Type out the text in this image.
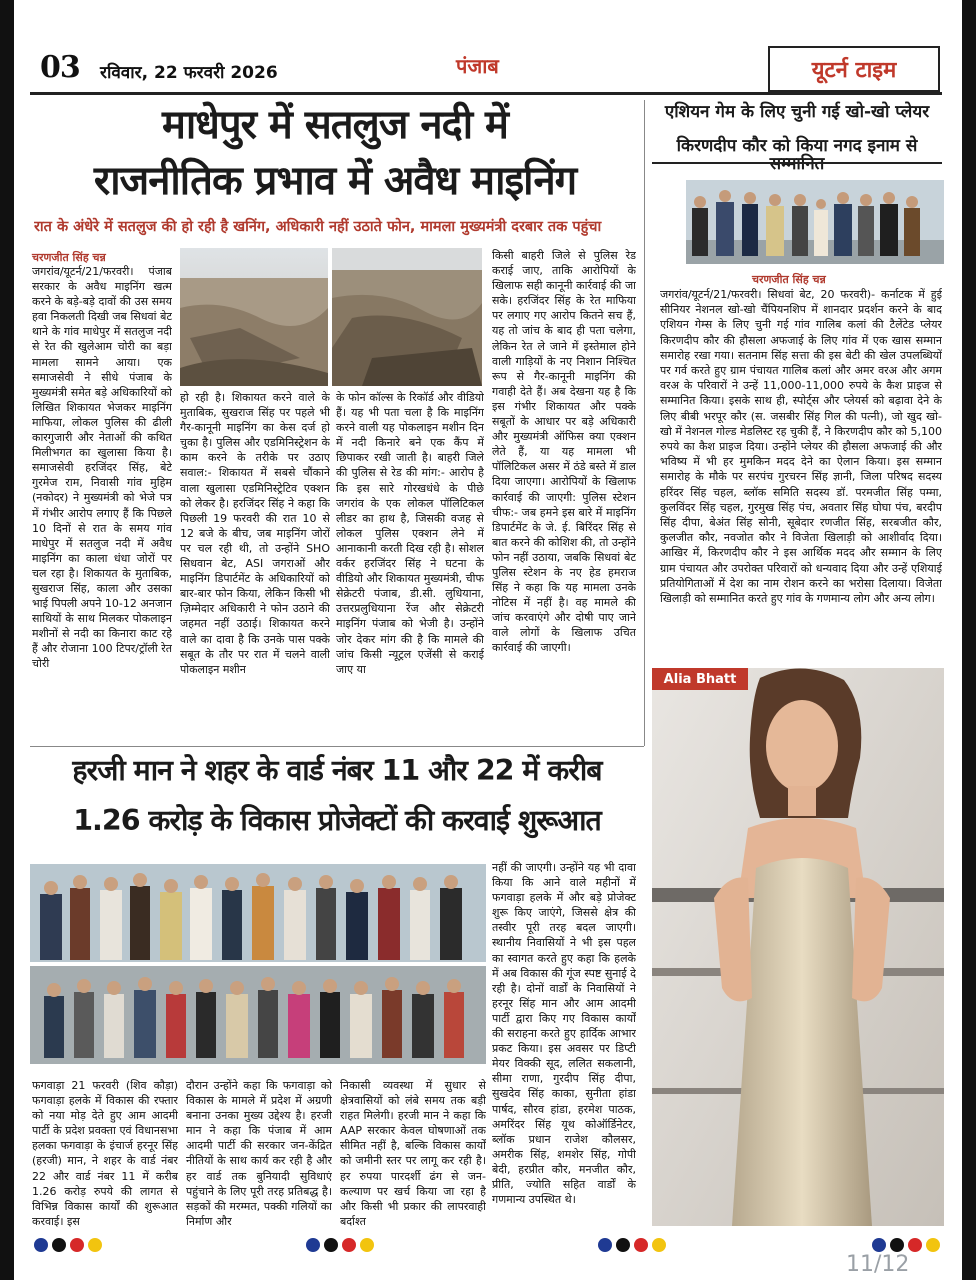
03 रविवार, 22 फरवरी 2026	पंजाब	यूटर्न टाइम
माधेपुर में सतलुज नदी में
राजनीतिक प्रभाव में अवैध माइनिंग
रात के अंधेरे में सतलुज की हो रही है खनिंग, अधिकारी नहीं उठाते फोन, मामला मुख्यमंत्री दरबार तक पहुंचा
चरणजीत सिंह चन्न

जगरांव/यूटर्न/21/फरवरी। पंजाब सरकार के अवैध माइनिंग खत्म करने के बड़े-बड़े दावों की उस समय हवा निकलती दिखी जब सिधवां बेट थाने के गांव माधेपुर में सतलुज नदी से रेत की खुलेआम चोरी का बड़ा मामला सामने आया। एक समाजसेवी ने सीधे पंजाब के मुख्यमंत्री समेत बड़े अधिकारियों को लिखित शिकायत भेजकर माइनिंग माफिया, लोकल पुलिस की ढीली कारगुजारी और नेताओं की कथित मिलीभगत का खुलासा किया है। समाजसेवी हरजिंदर सिंह, बेटे गुरमेज राम, निवासी गांव मुहिम (नकोदर) ने मुख्यमंत्री को भेजे पत्र में गंभीर आरोप लगाए हैं कि पिछले 10 दिनों से रात के समय गांव माधेपुर में सतलुज नदी में अवैध माइनिंग का काला धंधा जोरों पर चल रहा है। शिकायत के मुताबिक, सुखराज सिंह, काला और उसका भाई पिपली अपने 10-12 अनजान साथियों के साथ मिलकर पोकलाइन मशीनों से नदी का किनारा काट रहे हैं और रोजाना 100 टिपर/ट्रॉली रेत चोरी

हो रही है। शिकायत करने वाले के मुताबिक, सुखराज सिंह पर पहले भी गैर-कानूनी माइनिंग का केस दर्ज हो चुका है। पुलिस और एडमिनिस्ट्रेशन के काम करने के तरीके पर उठाए सवाल:- शिकायत में सबसे चौंकाने वाला खुलासा एडमिनिस्ट्रेटिव एक्शन को लेकर है। हरजिंदर सिंह ने कहा कि पिछली 19 फरवरी की रात 10 से 12 बजे के बीच, जब माइनिंग जोरों पर चल रही थी, तो उन्होंने SHO सिधवान बेट, ASI जगराओं और माइनिंग डिपार्टमेंट के अधिकारियों को बार-बार फोन किया, लेकिन किसी भी ज़िम्मेदार अधिकारी ने फोन उठाने की जहमत नहीं उठाई। शिकायत करने वाले का दावा है कि उनके पास पक्के सबूत के तौर पर रात में चलने वाली पोकलाइन मशीन

के फोन कॉल्स के रिकॉर्ड और वीडियो हैं। यह भी पता चला है कि माइनिंग करने वाली यह पोकलाइन मशीन दिन में नदी किनारे बने एक कैंप में छिपाकर रखी जाती है। बाहरी जिले की पुलिस से रेड की मांग:- आरोप है कि इस सारे गोरखधंधे के पीछे जगरांव के एक लोकल पॉलिटिकल लीडर का हाथ है, जिसकी वजह से लोकल पुलिस एक्शन लेने में आनाकानी करती दिख रही है। सोशल वर्कर हरजिंदर सिंह ने घटना के वीडियो और शिकायत मुख्यमंत्री, चीफ सेक्रेटरी पंजाब, डी.सी. लुधियाना, उत्तरप्रलुधियाना रेंज और सेक्रेटरी माइनिंग पंजाब को भेजी है। उन्होंने जोर देकर मांग की है कि मामले की जांच किसी न्यूट्रल एजेंसी से कराई जाए या

किसी बाहरी जिले से पुलिस रेड कराई जाए, ताकि आरोपियों के खिलाफ सही कानूनी कार्रवाई की जा सके। हरजिंदर सिंह के रेत माफिया पर लगाए गए आरोप कितने सच हैं, यह तो जांच के बाद ही पता चलेगा, लेकिन रेत ले जाने में इस्तेमाल होने वाली गाड़ियों के नए निशान निश्चित रूप से गैर-कानूनी माइनिंग की गवाही देते हैं। अब देखना यह है कि इस गंभीर शिकायत और पक्के सबूतों के आधार पर बड़े अधिकारी और मुख्यमंत्री ऑफिस क्या एक्शन लेते हैं, या यह मामला भी पॉलिटिकल असर में ठंडे बस्ते में डाल दिया जाएगा। आरोपियों के खिलाफ कार्रवाई की जाएगी: पुलिस स्टेशन चीफ:- जब हमने इस बारे में माइनिंग डिपार्टमेंट के जे. ई. बिरिंदर सिंह से बात करने की कोशिश की, तो उन्होंने फोन नहीं उठाया, जबकि सिधवां बेट पुलिस स्टेशन के नए हेड हमराज सिंह ने कहा कि यह मामला उनके नोटिस में नहीं है। वह मामले की जांच करवाएंगे और दोषी पाए जाने वाले लोगों के खिलाफ उचित कार्रवाई की जाएगी।

एशियन गेम के लिए चुनी गई खो-खो प्लेयर
किरणदीप कौर को किया नगद इनाम से
चरणजीत सिंह चन्न

जगरांव/यूटर्न/21/फरवरी। सिधवां बेट, 20 फरवरी)- कर्नाटक में हुई सीनियर नेशनल खो-खो चैंपियनशिप में शानदार प्रदर्शन करने के बाद एशियन गेम्स के लिए चुनी गई गांव गालिब कलां की टैलेंटेड प्लेयर किरणदीप कौर की हौसला अफजाई के लिए गांव में एक खास सम्मान समारोह रखा गया। सतनाम सिंह सत्ता की इस बेटी की खेल उपलब्धियों पर गर्व करते हुए ग्राम पंचायत गालिब कलां और अमर वरअ और अगम वरअ के परिवारों ने उन्हें 11,000-11,000 रुपये के कैश प्राइज से सम्मानित किया। इसके साथ ही, स्पोर्ट्स और प्लेयर्स को बढ़ावा देने के लिए बीबी भरपूर कौर (स. जसबीर सिंह गिल की पत्नी), जो खुद खो-खो में नेशनल गोल्ड मेडलिस्ट रह चुकी हैं, ने किरणदीप कौर को 5,100 रुपये का कैश प्राइज दिया। उन्होंने प्लेयर की हौसला अफजाई की और भविष्य में भी हर मुमकिन मदद देने का ऐलान किया। इस सम्मान समारोह के मौके पर सरपंच गुरचरन सिंह ज्ञानी, जिला परिषद सदस्य हरिंदर सिंह चहल, ब्लॉक समिति सदस्य डॉ. परमजीत सिंह पम्मा, कुलविंदर सिंह चहल, गुरमुख सिंह पंच, अवतार सिंह घोघा पंच, बरदीप सिंह दीपा, बेअंत सिंह सोनी, सूबेदार रणजीत सिंह, सरबजीत कौर, कुलजीत कौर, नवजोत कौर ने विजेता खिलाड़ी को आशीर्वाद दिया। आखिर में, किरणदीप कौर ने इस आर्थिक मदद और सम्मान के लिए ग्राम पंचायत और उपरोक्त परिवारों को धन्यवाद दिया और उन्हें एशियाई प्रतियोगिताओं में देश का नाम रोशन करने का भरोसा दिलाया। विजेता खिलाड़ी को सम्मानित करते हुए गांव के गणमान्य लोग और अन्य लोग।

Alia Bhatt
हरजी मान ने शहर के वार्ड नंबर 11 और 22 में करीब
1.26 करोड़ के विकास प्रोजेक्टों की करवाई शुरूआत

नहीं की जाएगी। उन्होंने यह भी दावा किया कि आने वाले महीनों में फगवाड़ा हलके में और बड़े प्रोजेक्ट शुरू किए जाएंगे, जिससे क्षेत्र की तस्वीर पूरी तरह बदल जाएगी। स्थानीय निवासियों ने भी इस पहल का स्वागत करते हुए कहा कि हलके में अब विकास की गूंज स्पष्ट सुनाई दे रही है। दोनों वार्डों के निवासियों ने हरनूर सिंह मान और आम आदमी पार्टी द्वारा किए गए विकास कार्यों की सराहना करते हुए हार्दिक आभार प्रकट किया। इस अवसर पर डिप्टी मेयर विक्की सूद, ललित सकलानी, सीमा राणा, गुरदीप सिंह दीपा, सुखदेव सिंह काका, सुनीता हांडा पार्षद, सौरव हांडा, हरमेश पाठक, अमरिंदर सिंह यूथ कोऑर्डिनेटर, ब्लॉक प्रधान राजेश कौलसर, अमरीक सिंह, शमशेर सिंह, गोपी बेदी, हरप्रीत कौर, मनजीत कौर, प्रीति, ज्योति सहित वार्डों के गणमान्य उपस्थित थे।

फगवाड़ा 21 फरवरी (शिव कौड़ा) फगवाड़ा हलके में विकास की रफ्तार को नया मोड़ देते हुए आम आदमी पार्टी के प्रदेश प्रवक्ता एवं विधानसभा हलका फगवाड़ा के इंचार्ज हरनूर सिंह (हरजी) मान, ने शहर के वार्ड नंबर 22 और वार्ड नंबर 11 में करीब 1.26 करोड़ रुपये की लागत से विभिन्न विकास कार्यों की शुरूआत करवाई। इस

दौरान उन्होंने कहा कि फगवाड़ा को विकास के मामले में प्रदेश में अग्रणी बनाना उनका मुख्य उद्देश्य है। हरजी मान ने कहा कि पंजाब में आम आदमी पार्टी की सरकार जन-केंद्रित नीतियों के साथ कार्य कर रही है और हर वार्ड तक बुनियादी सुविधाएं पहुंचाने के लिए पूरी तरह प्रतिबद्ध है। सड़कों की मरम्मत, पक्की गलियों का निर्माण और

निकासी व्यवस्था में सुधार से क्षेत्रवासियों को लंबे समय तक बड़ी राहत मिलेगी। हरजी मान ने कहा कि AAP सरकार केवल घोषणाओं तक सीमित नहीं है, बल्कि विकास कार्यों को जमीनी स्तर पर लागू कर रही है। हर रुपया पारदर्शी ढंग से जन-कल्याण पर खर्च किया जा रहा है और किसी भी प्रकार की लापरवाही बर्दाश्त

11/12
